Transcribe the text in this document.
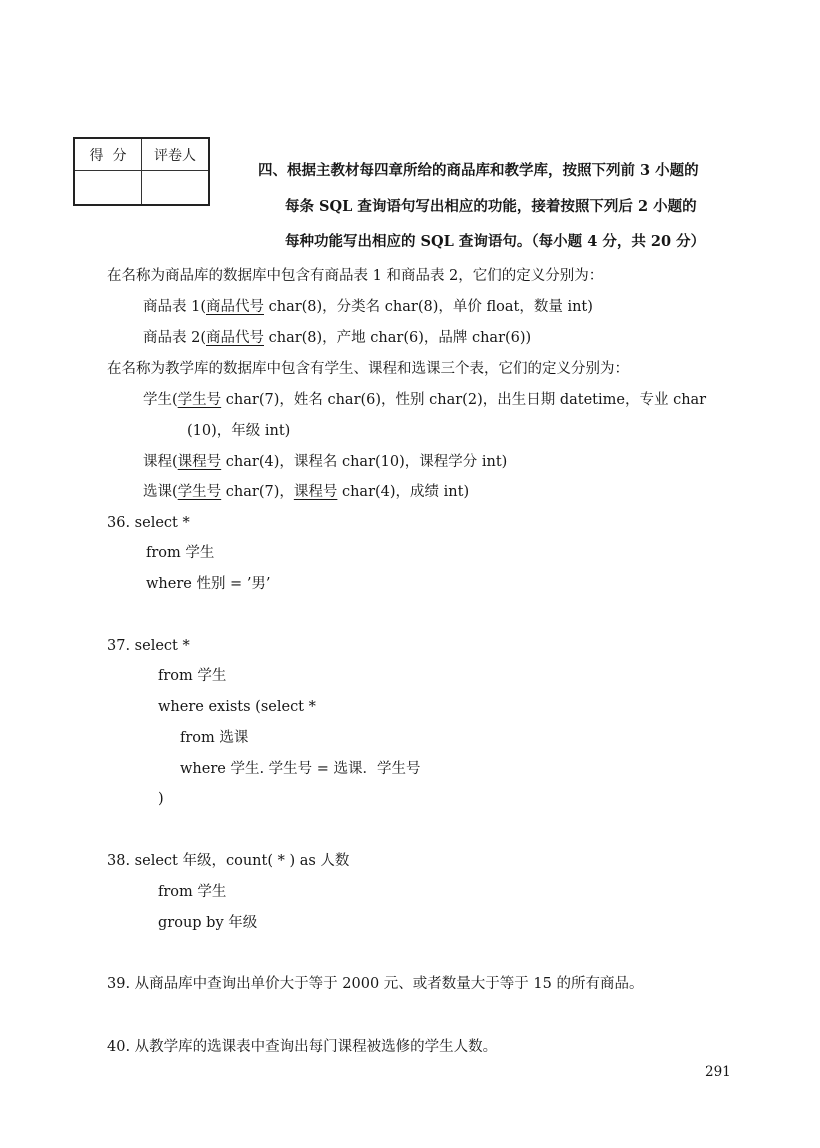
得  分	评卷人

四、根据主教材每四章所给的商品库和教学库，按照下列前 3 小题的
每条 SQL 查询语句写出相应的功能，接着按照下列后 2 小题的
每种功能写出相应的 SQL 查询语句。（每小题 4 分，共 20 分）
在名称为商品库的数据库中包含有商品表 1 和商品表 2，它们的定义分别为：
商品表 1(商品代号 char(8)，分类名 char(8)，单价 float，数量 int)
商品表 2(商品代号 char(8)，产地 char(6)，品牌 char(6))
在名称为教学库的数据库中包含有学生、课程和选课三个表，它们的定义分别为：
学生(学生号 char(7)，姓名 char(6)，性别 char(2)，出生日期 datetime，专业 char
(10)，年级 int)
课程(课程号 char(4)，课程名 char(10)，课程学分 int)
选课(学生号 char(7)，课程号 char(4)，成绩 int)
36. select *
from 学生
where 性别 = ’男’
37. select *
from 学生
where exists (select *
from 选课
where 学生. 学生号 = 选课．学生号
)
38. select 年级，count( * ) as 人数
from 学生
group by 年级
39. 从商品库中查询出单价大于等于 2000 元、或者数量大于等于 15 的所有商品。
40. 从教学库的选课表中查询出每门课程被选修的学生人数。
291
